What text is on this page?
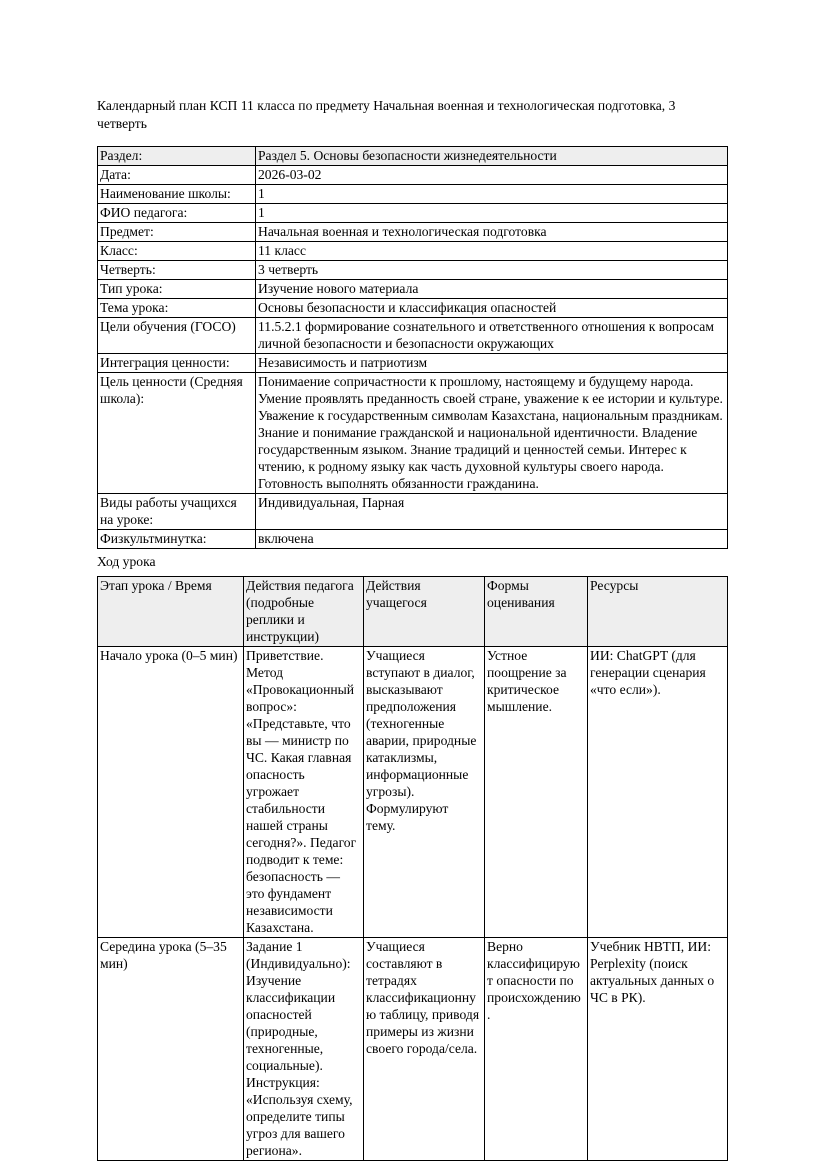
Календарный план КСП 11 класса по предмету Начальная военная и технологическая подготовка, 3 четверть

Раздел:	Раздел 5. Основы безопасности жизнедеятельности
Дата:	2026-03-02
Наименование школы:	1
ФИО педагога:	1
Предмет:	Начальная военная и технологическая подготовка
Класс:	11 класс
Четверть:	3 четверть
Тип урока:	Изучение нового материала
Тема урока:	Основы безопасности и классификация опасностей
Цели обучения (ГОСО)	11.5.2.1 формирование сознательного и ответственного отношения к вопросам личной безопасности и безопасности окружающих
Интеграция ценности:	Независимость и патриотизм
Цель ценности (Средняя школа):	Понимаение сопричастности к прошлому, настоящему и будущему народа. Умение проявлять преданность своей стране, уважение к ее истории и культуре. Уважение к государственным символам Казахстана, национальным праздникам. Знание и понимание гражданской и национальной идентичности. Владение государственным языком. Знание традиций и ценностей семьи. Интерес к чтению, к родному языку как часть духовной культуры своего народа. Готовность выполнять обязанности гражданина.
Виды работы учащихся на уроке:	Индивидуальная, Парная
Физкультминутка:	включена

Ход урока

Этап урока / Время	Действия педагога (подробные реплики и инструкции)	Действия учащегося	Формы оценивания	Ресурсы
Начало урока (0–5 мин)	Приветствие. Метод «Провокационный вопрос»: «Представьте, что вы — министр по ЧС. Какая главная опасность угрожает стабильности нашей страны сегодня?». Педагог подводит к теме: безопасность — это фундамент независимости Казахстана.	Учащиеся вступают в диалог, высказывают предположения (техногенные аварии, природные катаклизмы, информационные угрозы). Формулируют тему.	Устное поощрение за критическое мышление.	ИИ: ChatGPT (для генерации сценария «что если»).
Середина урока (5–35 мин)	Задание 1 (Индивидуально): Изучение классификации опасностей (природные, техногенные, социальные). Инструкция: «Используя схему, определите типы угроз для вашего региона».	Учащиеся составляют в тетрадях классификационную таблицу, приводя примеры из жизни своего города/села.	Верно классифицируют опасности по происхождению.	Учебник НВТП, ИИ: Perplexity (поиск актуальных данных о ЧС в РК).
